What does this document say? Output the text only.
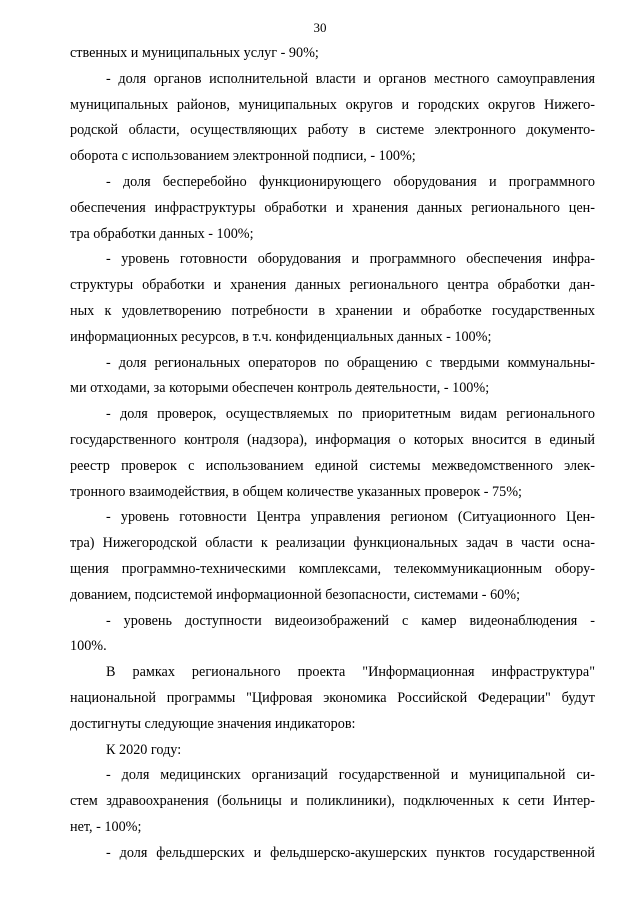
30
ственных и муниципальных услуг - 90%;
- доля органов исполнительной власти и органов местного самоуправления
муниципальных районов, муниципальных округов и городских округов Нижего-
родской области, осуществляющих работу в системе электронного документо-
оборота с использованием электронной подписи, - 100%;
- доля бесперебойно функционирующего оборудования и программного
обеспечения инфраструктуры обработки и хранения данных регионального цен-
тра обработки данных - 100%;
- уровень готовности оборудования и программного обеспечения инфра-
структуры обработки и хранения данных регионального центра обработки дан-
ных к удовлетворению потребности в хранении и обработке государственных
информационных ресурсов, в т.ч. конфиденциальных данных - 100%;
- доля региональных операторов по обращению с твердыми коммунальны-
ми отходами, за которыми обеспечен контроль деятельности, - 100%;
- доля проверок, осуществляемых по приоритетным видам регионального
государственного контроля (надзора), информация о которых вносится в единый
реестр проверок с использованием единой системы межведомственного элек-
тронного взаимодействия, в общем количестве указанных проверок - 75%;
- уровень готовности Центра управления регионом (Ситуационного Цен-
тра) Нижегородской области к реализации функциональных задач в части осна-
щения программно-техническими комплексами, телекоммуникационным обору-
дованием, подсистемой информационной безопасности, системами - 60%;
- уровень доступности видеоизображений с камер видеонаблюдения -
100%.
В рамках регионального проекта "Информационная инфраструктура"
национальной программы "Цифровая экономика Российской Федерации" будут
достигнуты следующие значения индикаторов:
К 2020 году:
- доля медицинских организаций государственной и муниципальной си-
стем здравоохранения (больницы и поликлиники), подключенных к сети Интер-
нет, - 100%;
- доля фельдшерских и фельдшерско-акушерских пунктов государственной
